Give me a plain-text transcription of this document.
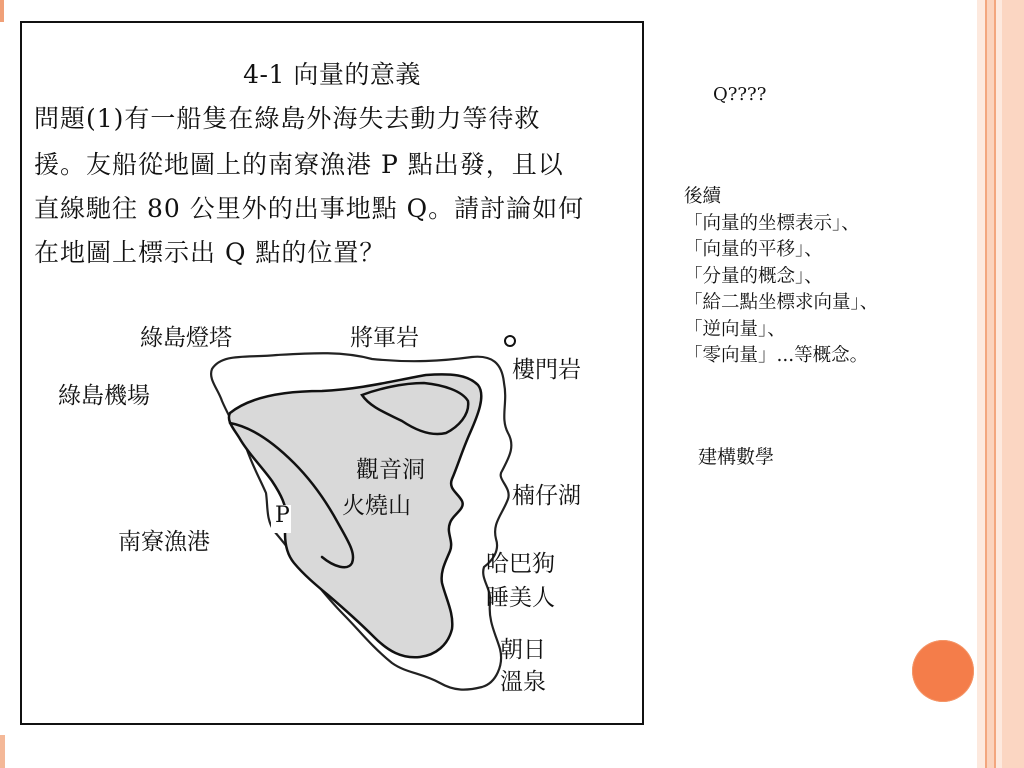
4-1 向量的意義
問題(1)有一船隻在綠島外海失去動力等待救
援。友船從地圖上的南寮漁港 P 點出發，且以
直線馳往 80 公里外的出事地點 Q。請討論如何
在地圖上標示出 Q 點的位置？
綠島燈塔	將軍岩
綠島機場
樓門岩
觀音洞
火燒山	楠仔湖
P
南寮漁港
哈巴狗
睡美人
朝日
溫泉
Q????
後續
「向量的坐標表示」、
「向量的平移」、
「分量的概念」、
「給二點坐標求向量」、
「逆向量」、
「零向量」...等概念。
建構數學
